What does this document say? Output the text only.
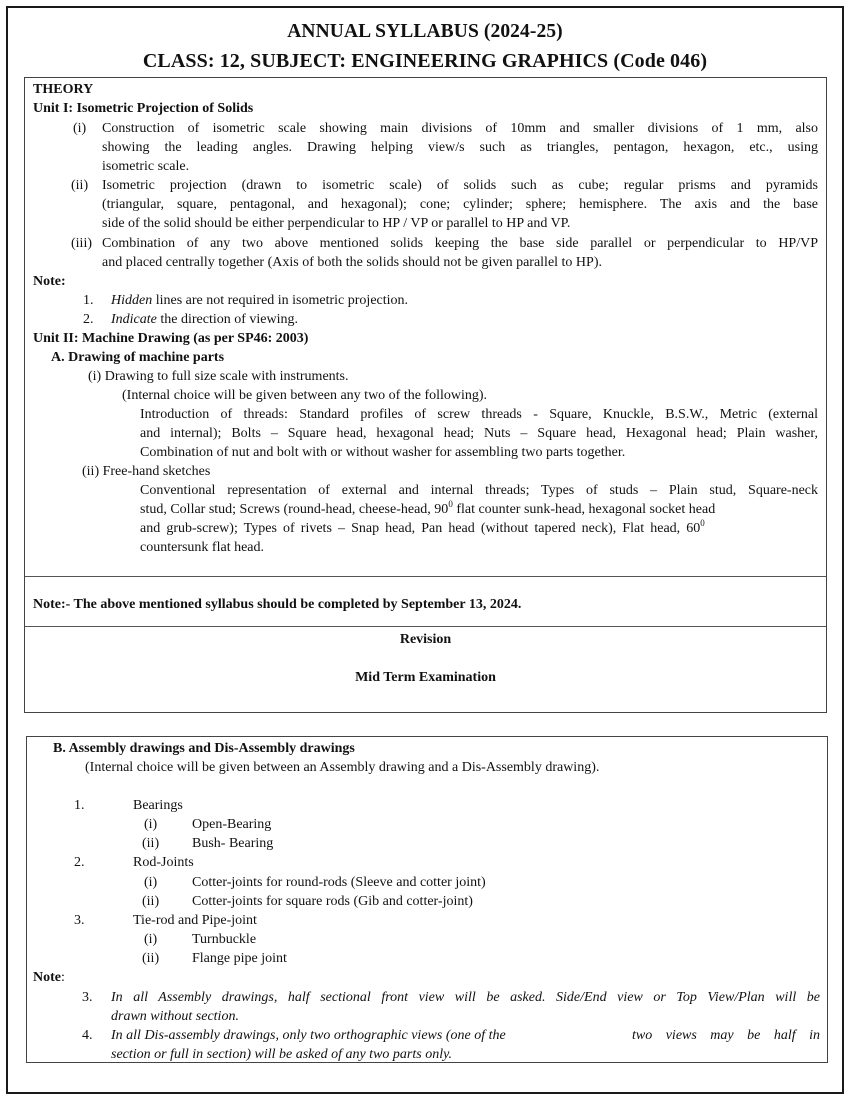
ANNUAL SYLLABUS (2024-25)
CLASS: 12, SUBJECT: ENGINEERING GRAPHICS (Code 046)
THEORY
Unit I: Isometric Projection of Solids
(i) Construction of isometric scale showing main divisions of 10mm and smaller divisions of 1 mm, also
showing the leading angles. Drawing helping view/s such as triangles, pentagon, hexagon, etc., using
isometric scale.
(ii) Isometric projection (drawn to isometric scale) of solids such as cube; regular prisms and pyramids
(triangular, square, pentagonal, and hexagonal); cone; cylinder; sphere; hemisphere. The axis and the base
side of the solid should be either perpendicular to HP / VP or parallel to HP and VP.
(iii) Combination of any two above mentioned solids keeping the base side parallel or perpendicular to HP/VP
and placed centrally together (Axis of both the solids should not be given parallel to HP).
Note:
1. Hidden lines are not required in isometric projection.
2. Indicate the direction of viewing.
Unit II: Machine Drawing (as per SP46: 2003)
A. Drawing of machine parts
(i) Drawing to full size scale with instruments.
(Internal choice will be given between any two of the following).
Introduction of threads: Standard profiles of screw threads - Square, Knuckle, B.S.W., Metric (external
and internal); Bolts – Square head, hexagonal head; Nuts – Square head, Hexagonal head; Plain washer,
Combination of nut and bolt with or without washer for assembling two parts together.
(ii) Free-hand sketches
Conventional representation of external and internal threads; Types of studs – Plain stud, Square-neck
stud, Collar stud; Screws (round-head, cheese-head, $90^0$ flat counter sunk-head, hexagonal socket head
and grub-screw); Types of rivets – Snap head, Pan head (without tapered neck), Flat head, $60^0$
countersunk flat head.
Note:- The above mentioned syllabus should be completed by September 13, 2024.
Revision
Mid Term Examination
B. Assembly drawings and Dis-Assembly drawings
(Internal choice will be given between an Assembly drawing and a Dis-Assembly drawing).
1.	Bearings
(i) Open-Bearing
(ii) Bush- Bearing
2.	Rod-Joints
(i) Cotter-joints for round-rods (Sleeve and cotter joint)
(ii) Cotter-joints for square rods (Gib and cotter-joint)
3.	Tie-rod and Pipe-joint
(i) Turnbuckle
(ii) Flange pipe joint
Note:
3. In all Assembly drawings, half sectional front view will be asked. Side/End view or Top View/Plan will be
drawn without section.
4. In all Dis-assembly drawings, only two orthographic views (one of the	two views may be half in
section or full in section) will be asked of any two parts only.
